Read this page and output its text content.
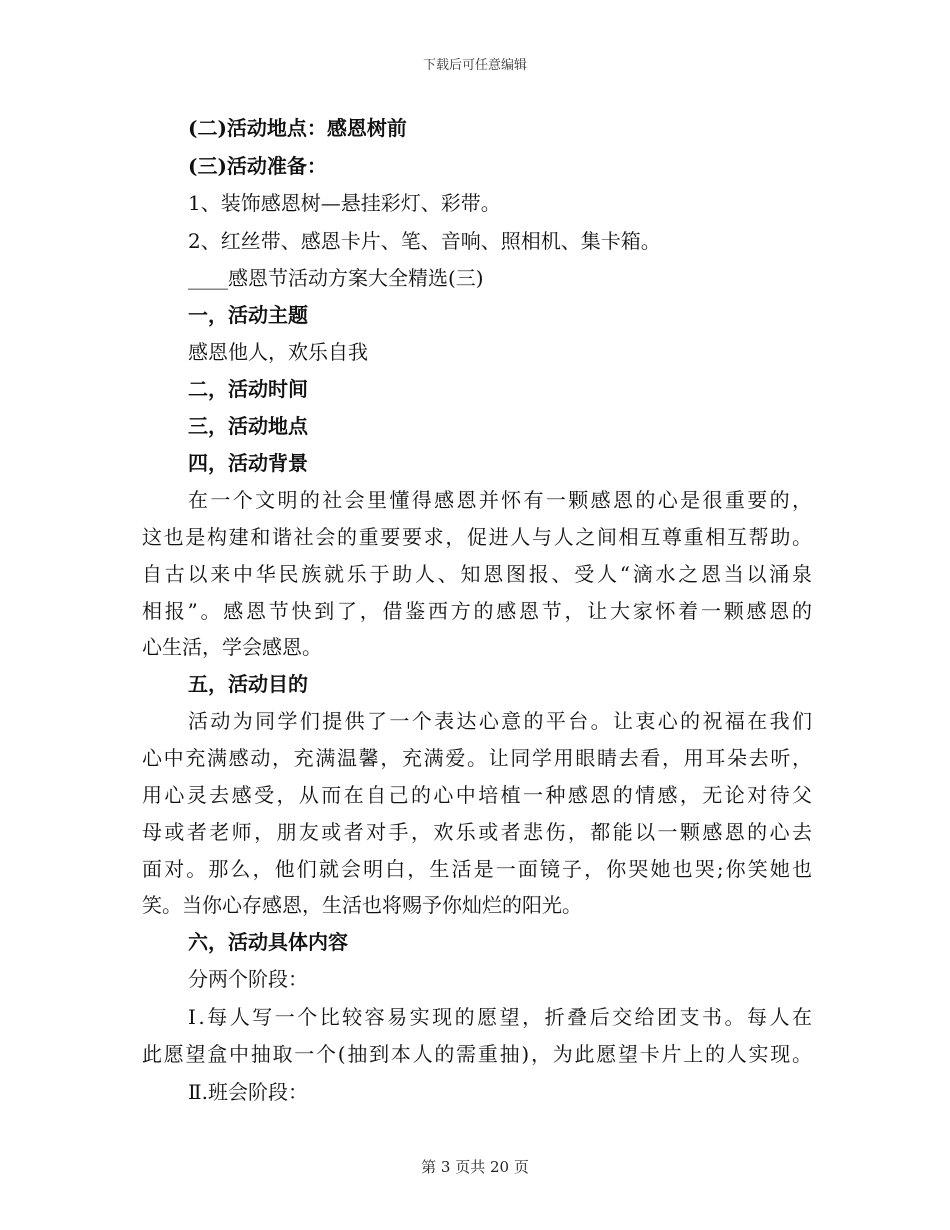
下载后可任意编辑
(二)活动地点：感恩树前
(三)活动准备：
1、装饰感恩树—悬挂彩灯、彩带。
2、红丝带、感恩卡片、笔、音响、照相机、集卡箱。
____感恩节活动方案大全精选(三)
一，活动主题
感恩他人，欢乐自我
二，活动时间
三，活动地点
四，活动背景
在一个文明的社会里懂得感恩并怀有一颗感恩的心是很重要的，
这也是构建和谐社会的重要要求，促进人与人之间相互尊重相互帮助。
自古以来中华民族就乐于助人、知恩图报、受人“滴水之恩当以涌泉
相报”。感恩节快到了，借鉴西方的感恩节，让大家怀着一颗感恩的
心生活，学会感恩。
五，活动目的
活动为同学们提供了一个表达心意的平台。让衷心的祝福在我们
心中充满感动，充满温馨，充满爱。让同学用眼睛去看，用耳朵去听，
用心灵去感受，从而在自己的心中培植一种感恩的情感，无论对待父
母或者老师，朋友或者对手，欢乐或者悲伤，都能以一颗感恩的心去
面对。那么，他们就会明白，生活是一面镜子，你哭她也哭;你笑她也
笑。当你心存感恩，生活也将赐予你灿烂的阳光。
六，活动具体内容
分两个阶段：
Ⅰ.每人写一个比较容易实现的愿望，折叠后交给团支书。每人在
此愿望盒中抽取一个(抽到本人的需重抽)，为此愿望卡片上的人实现。
Ⅱ.班会阶段：
第 3 页共 20 页
